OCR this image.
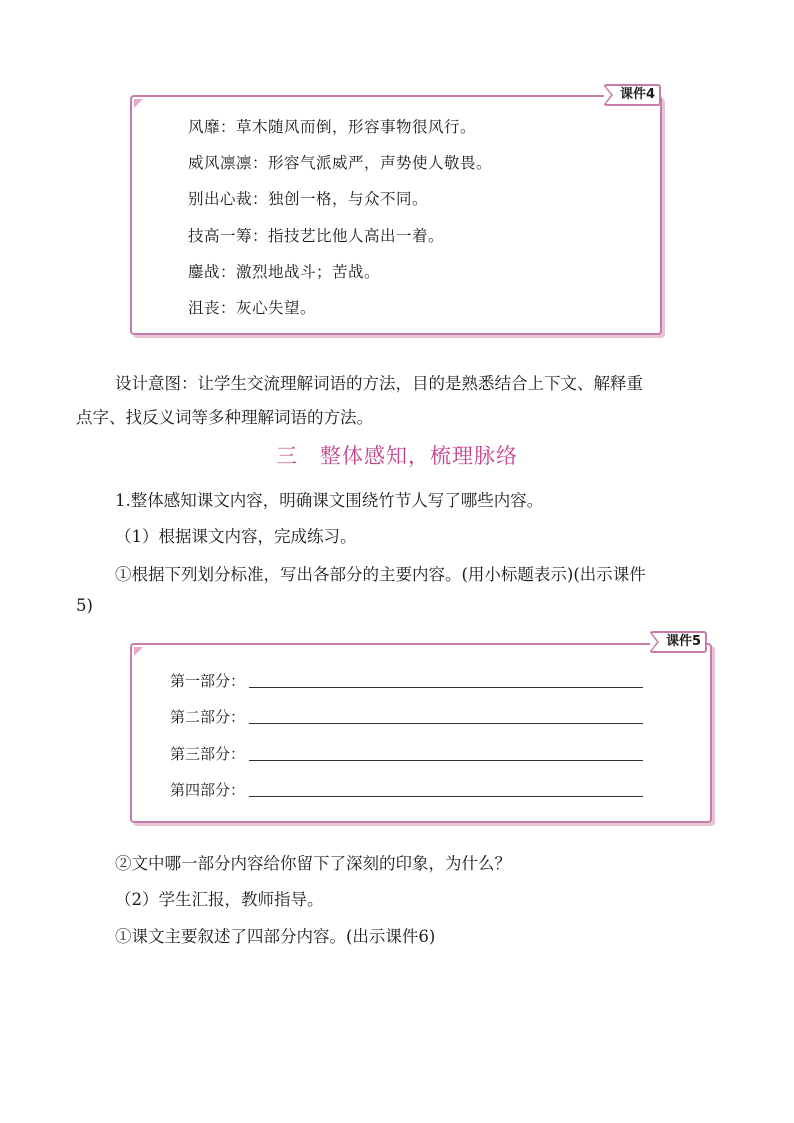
课件4
风靡：草木随风而倒，形容事物很风行。
威风凛凛：形容气派威严，声势使人敬畏。
别出心裁：独创一格，与众不同。
技高一筹：指技艺比他人高出一着。
鏖战：激烈地战斗；苦战。
沮丧：灰心失望。
设计意图：让学生交流理解词语的方法，目的是熟悉结合上下文、解释重
点字、找反义词等多种理解词语的方法。
三　整体感知，梳理脉络
1.整体感知课文内容，明确课文围绕竹节人写了哪些内容。
（1）根据课文内容，完成练习。
①根据下列划分标准，写出各部分的主要内容。(用小标题表示)(出示课件
5)
课件5
第一部分：
第二部分：
第三部分：
第四部分：
②文中哪一部分内容给你留下了深刻的印象，为什么？
（2）学生汇报，教师指导。
①课文主要叙述了四部分内容。(出示课件6)
